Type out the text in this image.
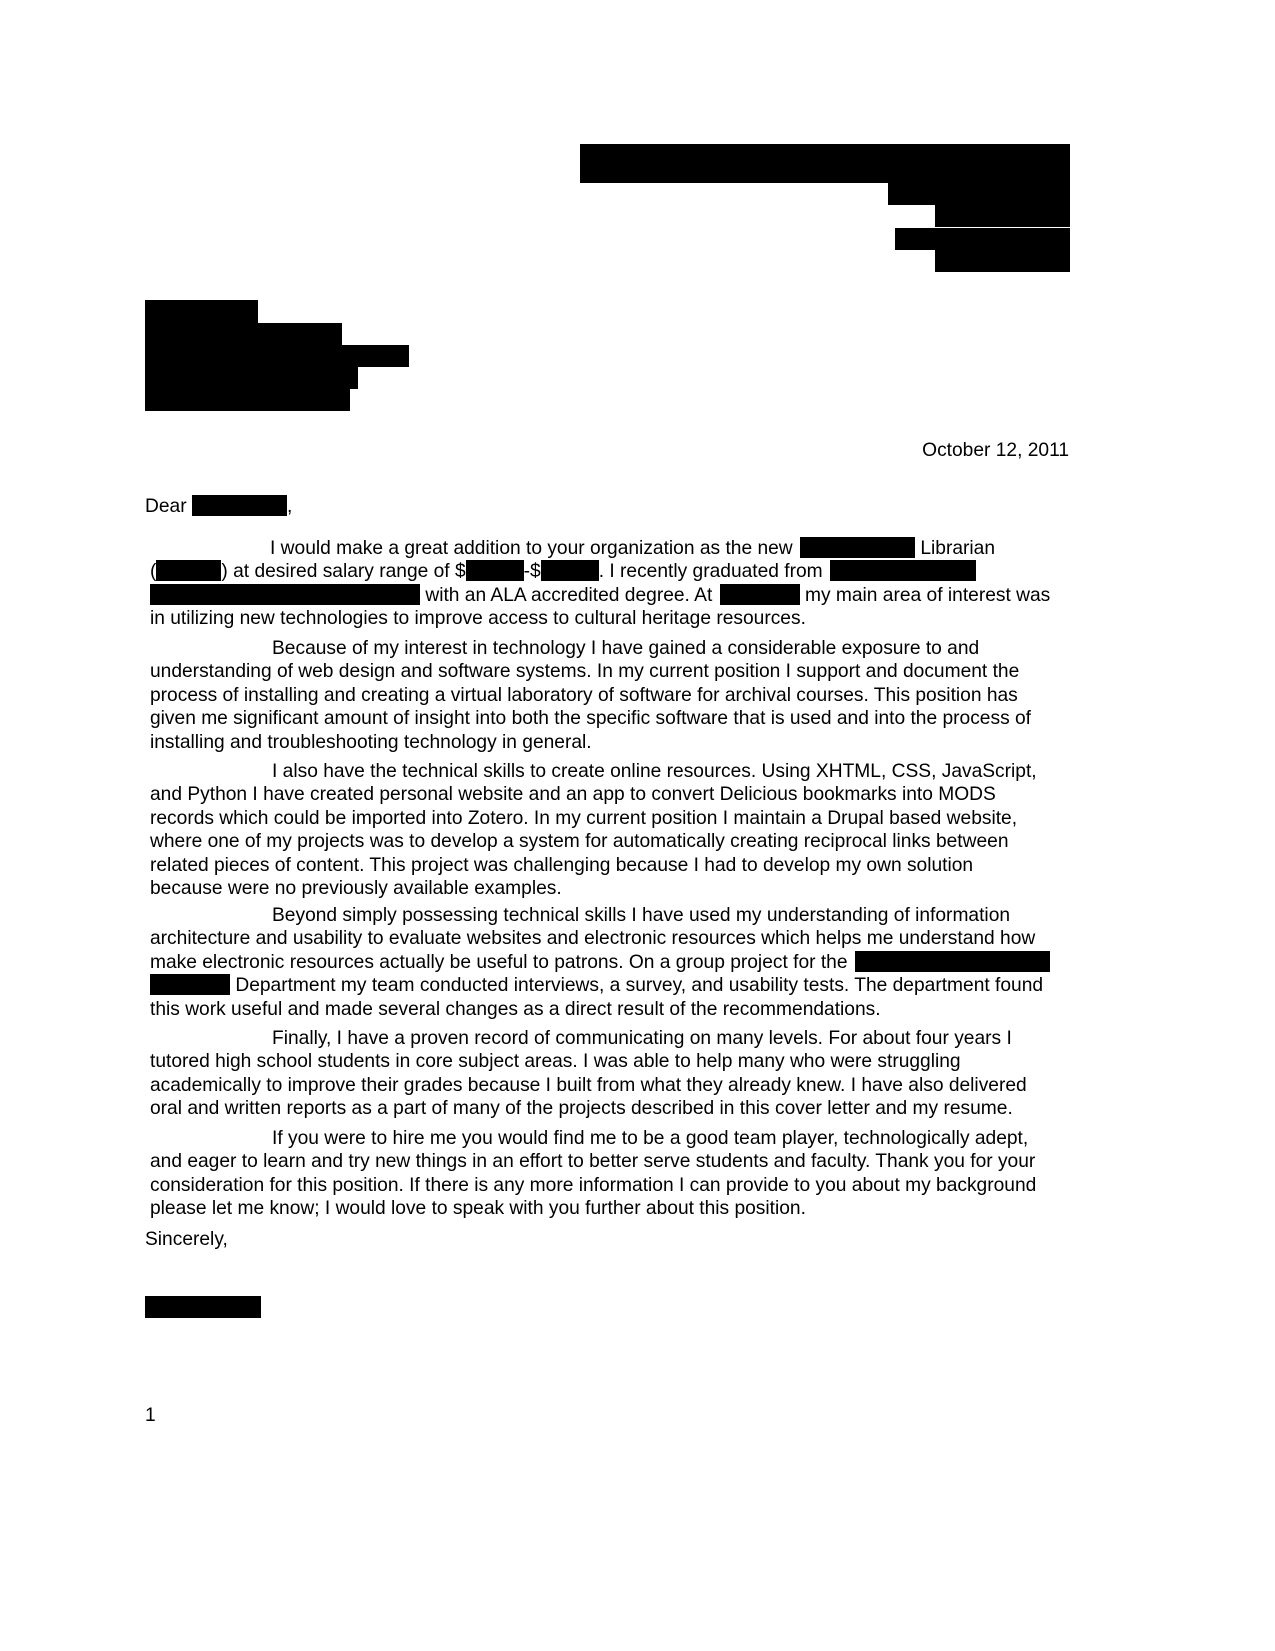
October 12, 2011
Dear	,
I would make a great addition to your organization as the new	Librarian
(	) at desired salary range of $	-$	. I recently graduated from
with an ALA accredited degree. At	my main area of interest was
in utilizing new technologies to improve access to cultural heritage resources.
Because of my interest in technology I have gained a considerable exposure to and
understanding of web design and software systems. In my current position I support and document the
process of installing and creating a virtual laboratory of software for archival courses. This position has
given me significant amount of insight into both the specific software that is used and into the process of
installing and troubleshooting technology in general.
I also have the technical skills to create online resources. Using XHTML, CSS, JavaScript,
and Python I have created personal website and an app to convert Delicious bookmarks into MODS
records which could be imported into Zotero. In my current position I maintain a Drupal based website,
where one of my projects was to develop a system for automatically creating reciprocal links between
related pieces of content. This project was challenging because I had to develop my own solution
because were no previously available examples.
Beyond simply possessing technical skills I have used my understanding of information
architecture and usability to evaluate websites and electronic resources which helps me understand how
make electronic resources actually be useful to patrons. On a group project for the
Department my team conducted interviews, a survey, and usability tests. The department found
this work useful and made several changes as a direct result of the recommendations.
Finally, I have a proven record of communicating on many levels. For about four years I
tutored high school students in core subject areas. I was able to help many who were struggling
academically to improve their grades because I built from what they already knew. I have also delivered
oral and written reports as a part of many of the projects described in this cover letter and my resume.
If you were to hire me you would find me to be a good team player, technologically adept,
and eager to learn and try new things in an effort to better serve students and faculty. Thank you for your
consideration for this position. If there is any more information I can provide to you about my background
please let me know; I would love to speak with you further about this position.
Sincerely,
1
